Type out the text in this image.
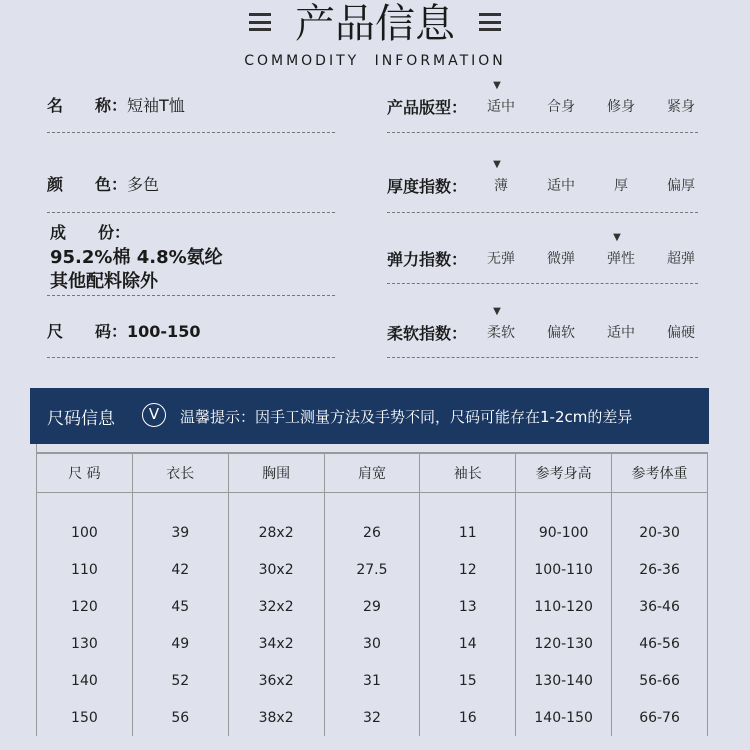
产品信息
COMMODITY INFORMATION
名　　称：短袖T恤
颜　　色：多色
成　　份：
95.2%棉 4.8%氨纶
其他配料除外
尺　　码：100-150
产品版型：	适中	合身	修身	紧身
▼
厚度指数：	薄	适中	厚	偏厚
▼
弹力指数：	无弹	微弹	弹性	超弹
▼
柔软指数：	柔软	偏软	适中	偏硬
▼
尺码信息	V	温馨提示：因手工测量方法及手势不同，尺码可能存在1-2cm的差异
尺 码	衣长	胸围	肩宽	袖长	参考身高	参考体重

100	39	28x2	26	11	90-100	20-30
110	42	30x2	27.5	12	100-110	26-36
120	45	32x2	29	13	110-120	36-46
130	49	34x2	30	14	120-130	46-56
140	52	36x2	31	15	130-140	56-66
150	56	38x2	32	16	140-150	66-76
